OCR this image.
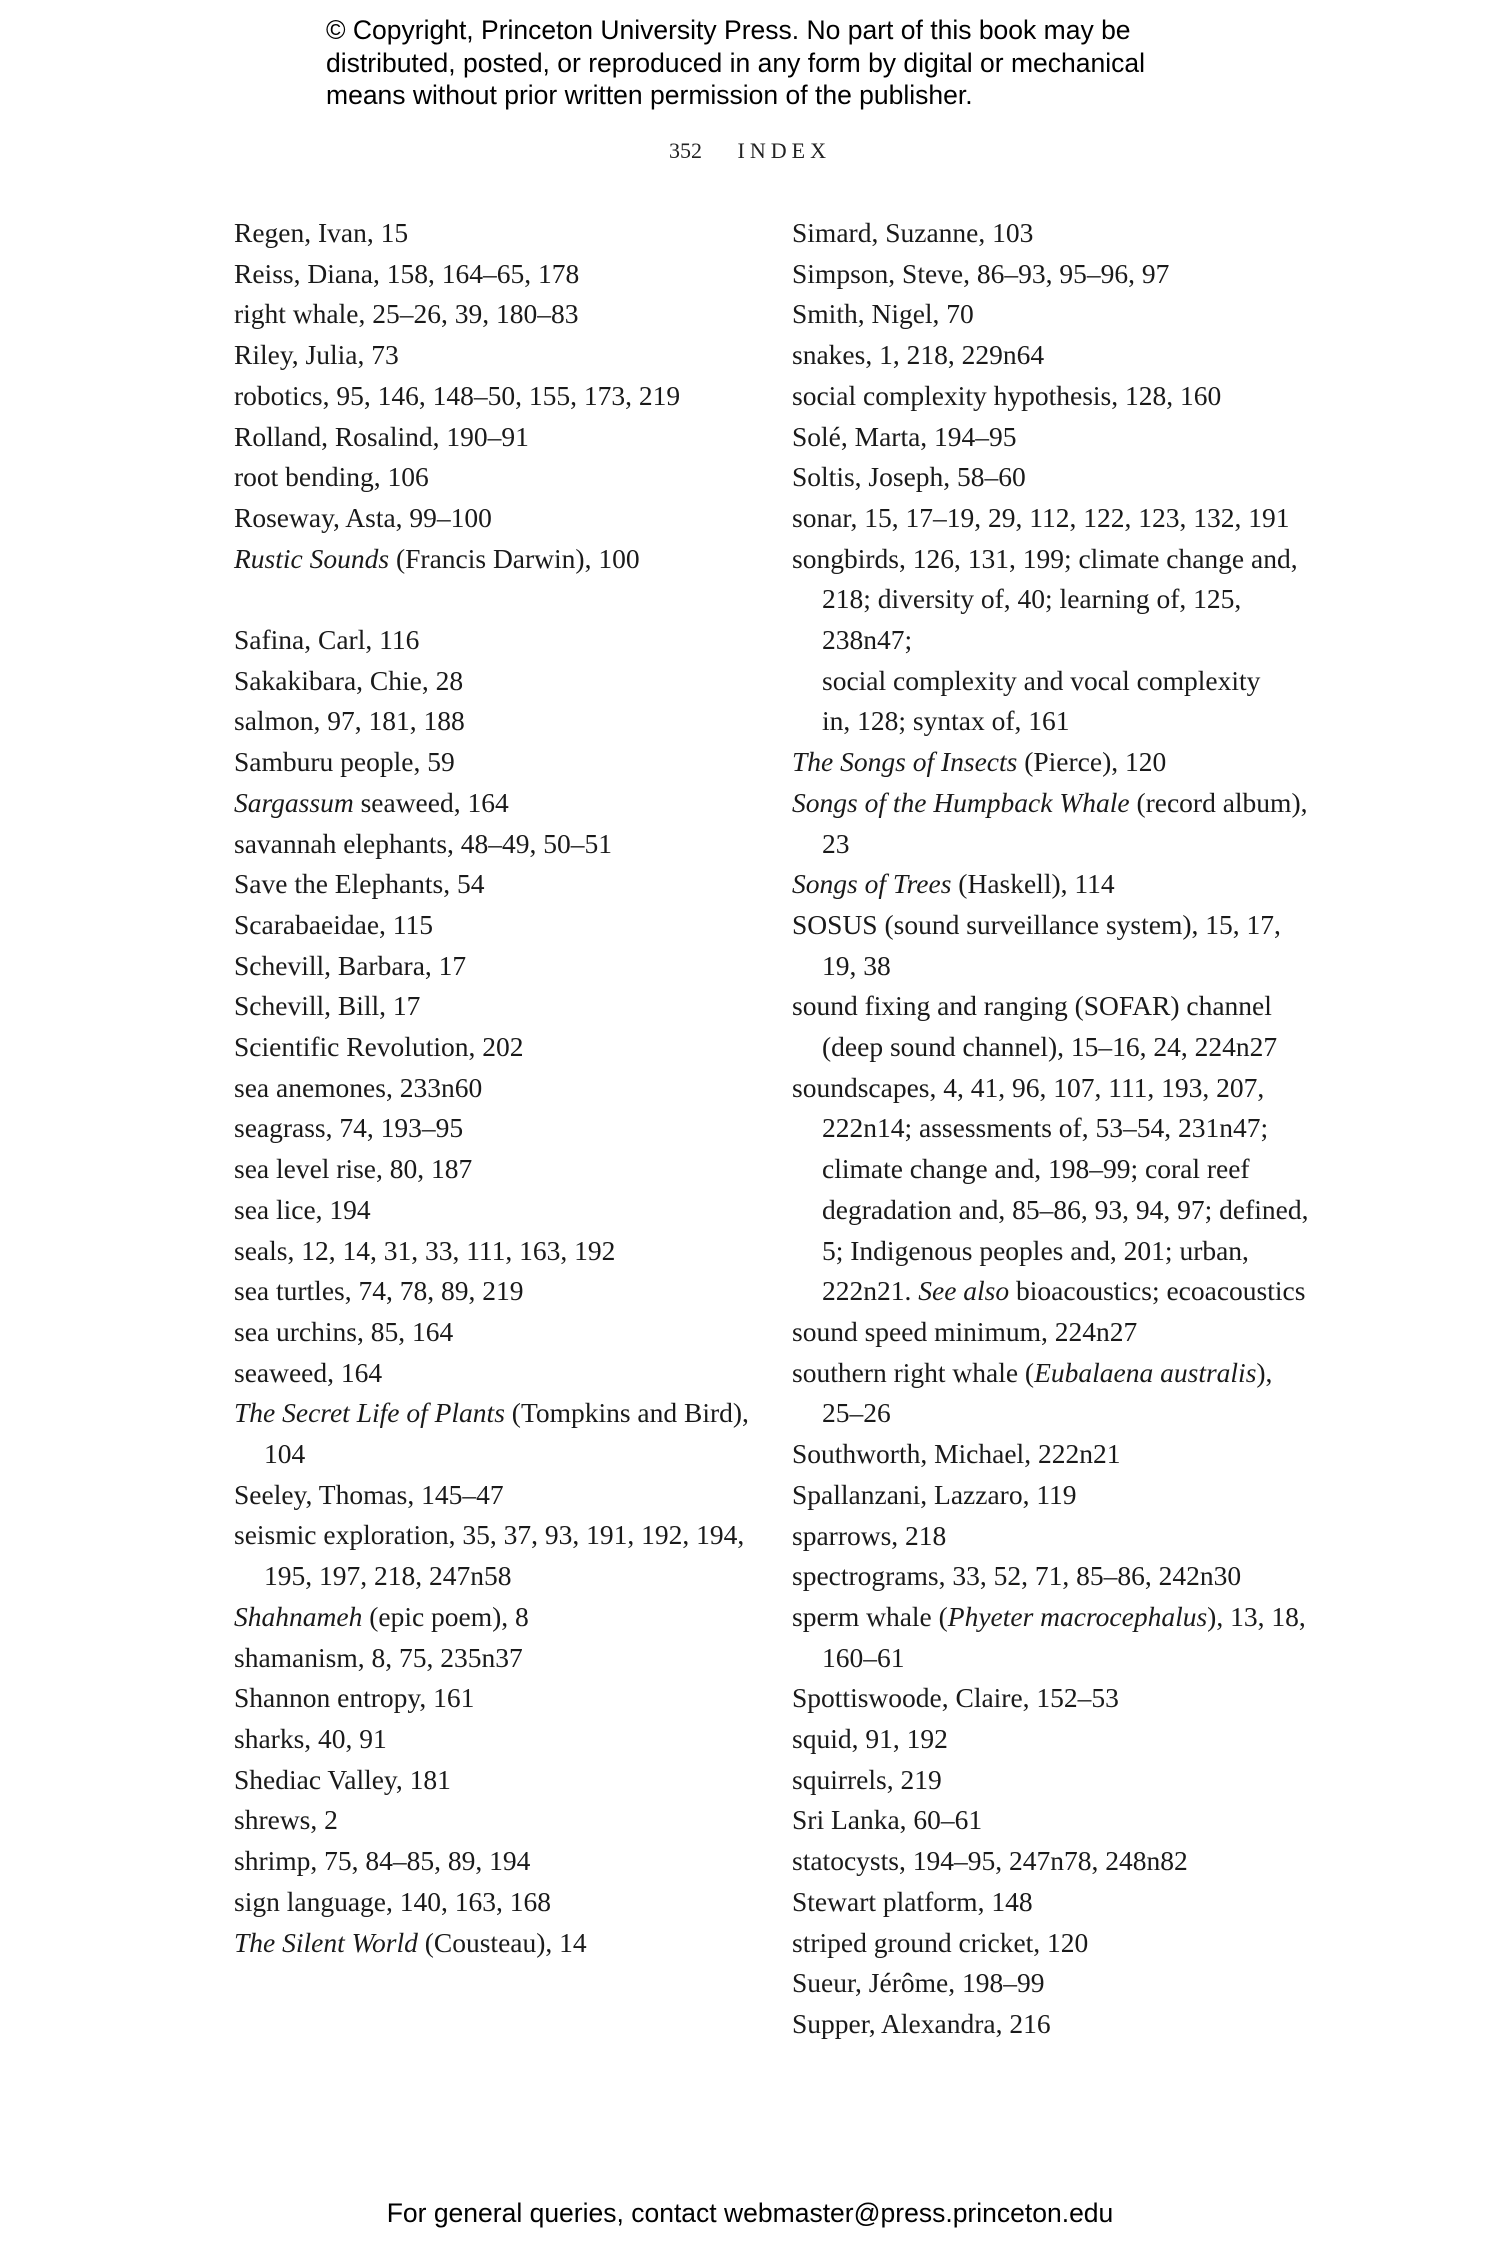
© Copyright, Princeton University Press. No part of this book may be
distributed, posted, or reproduced in any form by digital or mechanical
means without prior written permission of the publisher.
352 INDEX
Regen, Ivan, 15
Reiss, Diana, 158, 164–65, 178
right whale, 25–26, 39, 180–83
Riley, Julia, 73
robotics, 95, 146, 148–50, 155, 173, 219
Rolland, Rosalind, 190–91
root bending, 106
Roseway, Asta, 99–100
Rustic Sounds (Francis Darwin), 100
Safina, Carl, 116
Sakakibara, Chie, 28
salmon, 97, 181, 188
Samburu people, 59
Sargassum seaweed, 164
savannah elephants, 48–49, 50–51
Save the Elephants, 54
Scarabaeidae, 115
Schevill, Barbara, 17
Schevill, Bill, 17
Scientific Revolution, 202
sea anemones, 233n60
seagrass, 74, 193–95
sea level rise, 80, 187
sea lice, 194
seals, 12, 14, 31, 33, 111, 163, 192
sea turtles, 74, 78, 89, 219
sea urchins, 85, 164
seaweed, 164
The Secret Life of Plants (Tompkins and Bird),
104
Seeley, Thomas, 145–47
seismic exploration, 35, 37, 93, 191, 192, 194,
195, 197, 218, 247n58
Shahnameh (epic poem), 8
shamanism, 8, 75, 235n37
Shannon entropy, 161
sharks, 40, 91
Shediac Valley, 181
shrews, 2
shrimp, 75, 84–85, 89, 194
sign language, 140, 163, 168
The Silent World (Cousteau), 14
Simard, Suzanne, 103
Simpson, Steve, 86–93, 95–96, 97
Smith, Nigel, 70
snakes, 1, 218, 229n64
social complexity hypothesis, 128, 160
Solé, Marta, 194–95
Soltis, Joseph, 58–60
sonar, 15, 17–19, 29, 112, 122, 123, 132, 191
songbirds, 126, 131, 199; climate change and,
218; diversity of, 40; learning of, 125, 238n47;
social complexity and vocal complexity
in, 128; syntax of, 161
The Songs of Insects (Pierce), 120
Songs of the Humpback Whale (record album), 23
Songs of Trees (Haskell), 114
SOSUS (sound surveillance system), 15, 17,
19, 38
sound fixing and ranging (SOFAR) channel
(deep sound channel), 15–16, 24, 224n27
soundscapes, 4, 41, 96, 107, 111, 193, 207,
222n14; assessments of, 53–54, 231n47;
climate change and, 198–99; coral reef
degradation and, 85–86, 93, 94, 97; defined,
5; Indigenous peoples and, 201; urban,
222n21. See also bioacoustics; ecoacoustics
sound speed minimum, 224n27
southern right whale (Eubalaena australis),
25–26
Southworth, Michael, 222n21
Spallanzani, Lazzaro, 119
sparrows, 218
spectrograms, 33, 52, 71, 85–86, 242n30
sperm whale (Phyeter macrocephalus), 13, 18,
160–61
Spottiswoode, Claire, 152–53
squid, 91, 192
squirrels, 219
Sri Lanka, 60–61
statocysts, 194–95, 247n78, 248n82
Stewart platform, 148
striped ground cricket, 120
Sueur, Jérôme, 198–99
Supper, Alexandra, 216
For general queries, contact webmaster@press.princeton.edu
